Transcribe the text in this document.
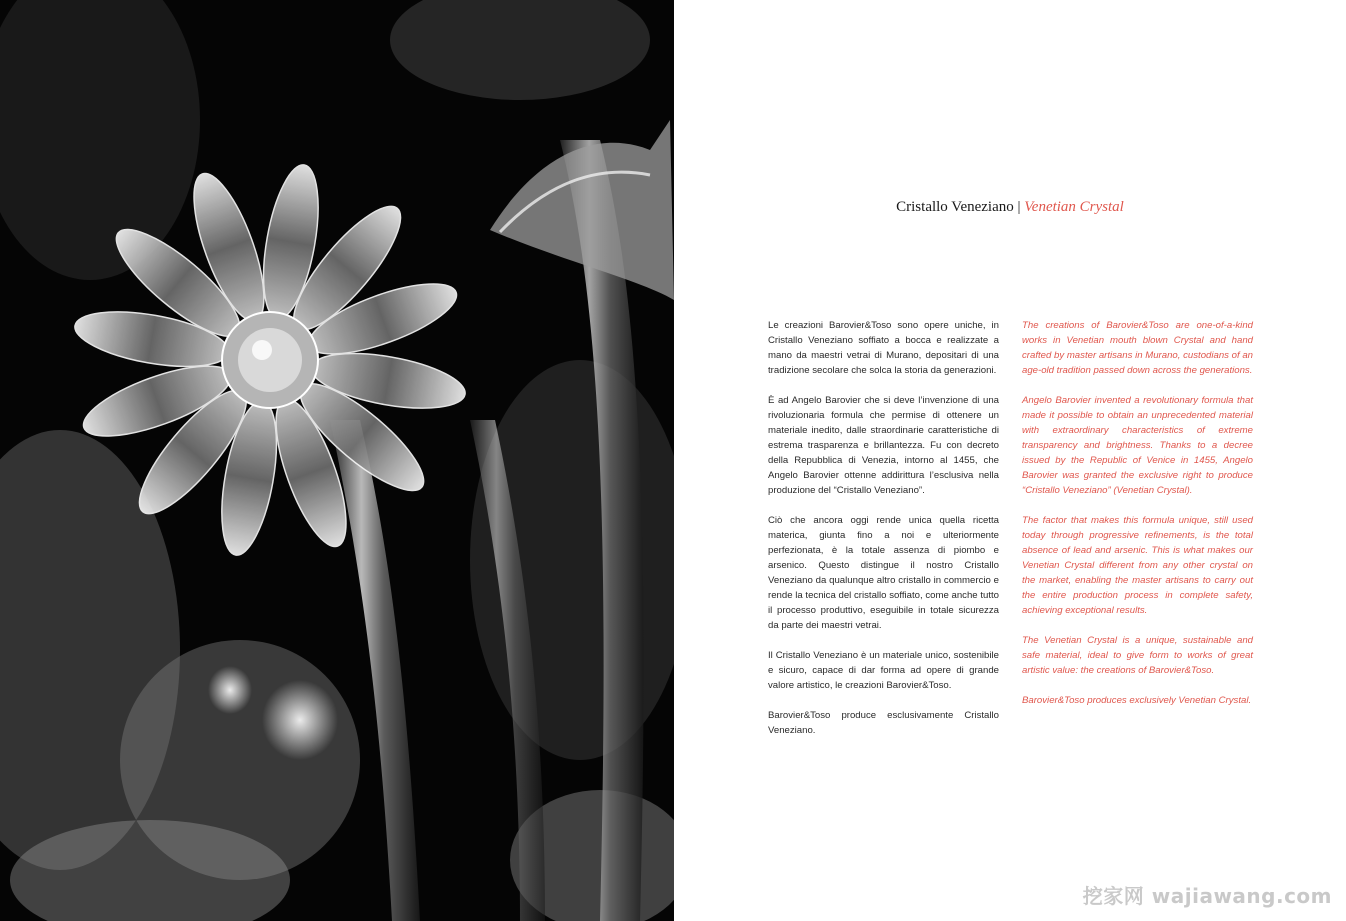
Cristallo Veneziano | Venetian Crystal

Le creazioni Barovier&Toso sono opere uniche, in Cristallo Veneziano soffiato a bocca e realizzate a mano da maestri vetrai di Murano, depositari di una tradizione secolare che solca la storia da generazioni.

È ad Angelo Barovier che si deve l’invenzione di una rivoluzionaria formula che permise di ottenere un materiale inedito, dalle straordinarie caratteristiche di estrema trasparenza e brillantezza. Fu con decreto della Repubblica di Venezia, intorno al 1455, che Angelo Barovier ottenne addirittura l’esclusiva nella produzione del “Cristallo Veneziano”.

Ciò che ancora oggi rende unica quella ricetta materica, giunta fino a noi e ulteriormente perfezionata, è la totale assenza di piombo e arsenico. Questo distingue il nostro Cristallo Veneziano da qualunque altro cristallo in commercio e rende la tecnica del cristallo soffiato, come anche tutto il processo produttivo, eseguibile in totale sicurezza da parte dei maestri vetrai.

Il Cristallo Veneziano è un materiale unico, sostenibile e sicuro, capace di dar forma ad opere di grande valore artistico, le creazioni Barovier&Toso.

Barovier&Toso produce esclusivamente Cristallo Veneziano.

The creations of Barovier&Toso are one-of-a-kind works in Venetian mouth blown Crystal and hand crafted by master artisans in Murano, custodians of an age-old tradition passed down across the generations.

Angelo Barovier invented a revolutionary formula that made it possible to obtain an unprecedented material with extraordinary characteristics of extreme transparency and brightness. Thanks to a decree issued by the Republic of Venice in 1455, Angelo Barovier was granted the exclusive right to produce “Cristallo Veneziano” (Venetian Crystal).

The factor that makes this formula unique, still used today through progressive refinements, is the total absence of lead and arsenic. This is what makes our Venetian Crystal different from any other crystal on the market, enabling the master artisans to carry out the entire production process in complete safety, achieving exceptional results.

The Venetian Crystal is a unique, sustainable and safe material, ideal to give form to works of great artistic value: the creations of Barovier&Toso.

Barovier&Toso produces exclusively Venetian Crystal.

挖家网 wajiawang.com
